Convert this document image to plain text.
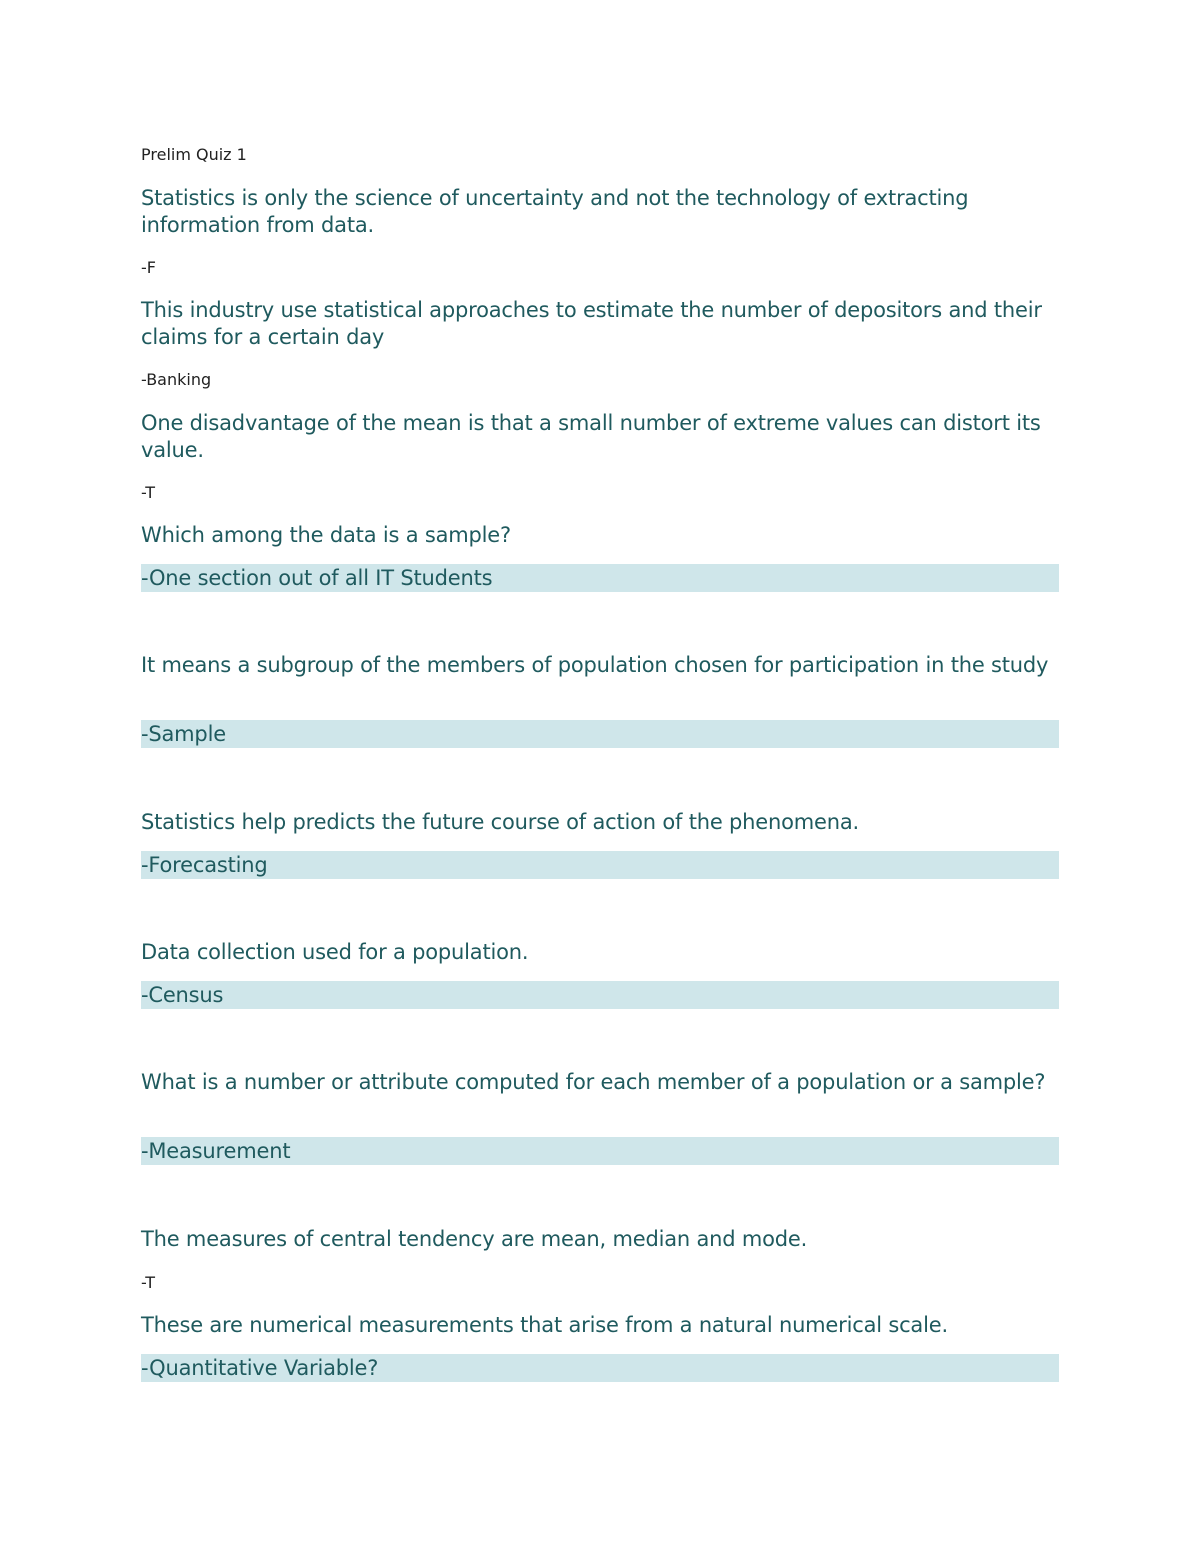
Prelim Quiz 1
Statistics is only the science of uncertainty and not the technology of extracting information from data.
-F
This industry use statistical approaches to estimate the number of depositors and their claims for a certain day
-Banking
One disadvantage of the mean is that a small number of extreme values can distort its value.
-T
Which among the data is a sample?
-One section out of all IT Students
It means a subgroup of the members of population chosen for participation in the study
-Sample
Statistics help predicts the future course of action of the phenomena.
-Forecasting
Data collection used for a population.
-Census
What is a number or attribute computed for each member of a population or a sample?
-Measurement
The measures of central tendency are mean, median and mode.
-T
These are numerical measurements that arise from a natural numerical scale.
-Quantitative Variable?
